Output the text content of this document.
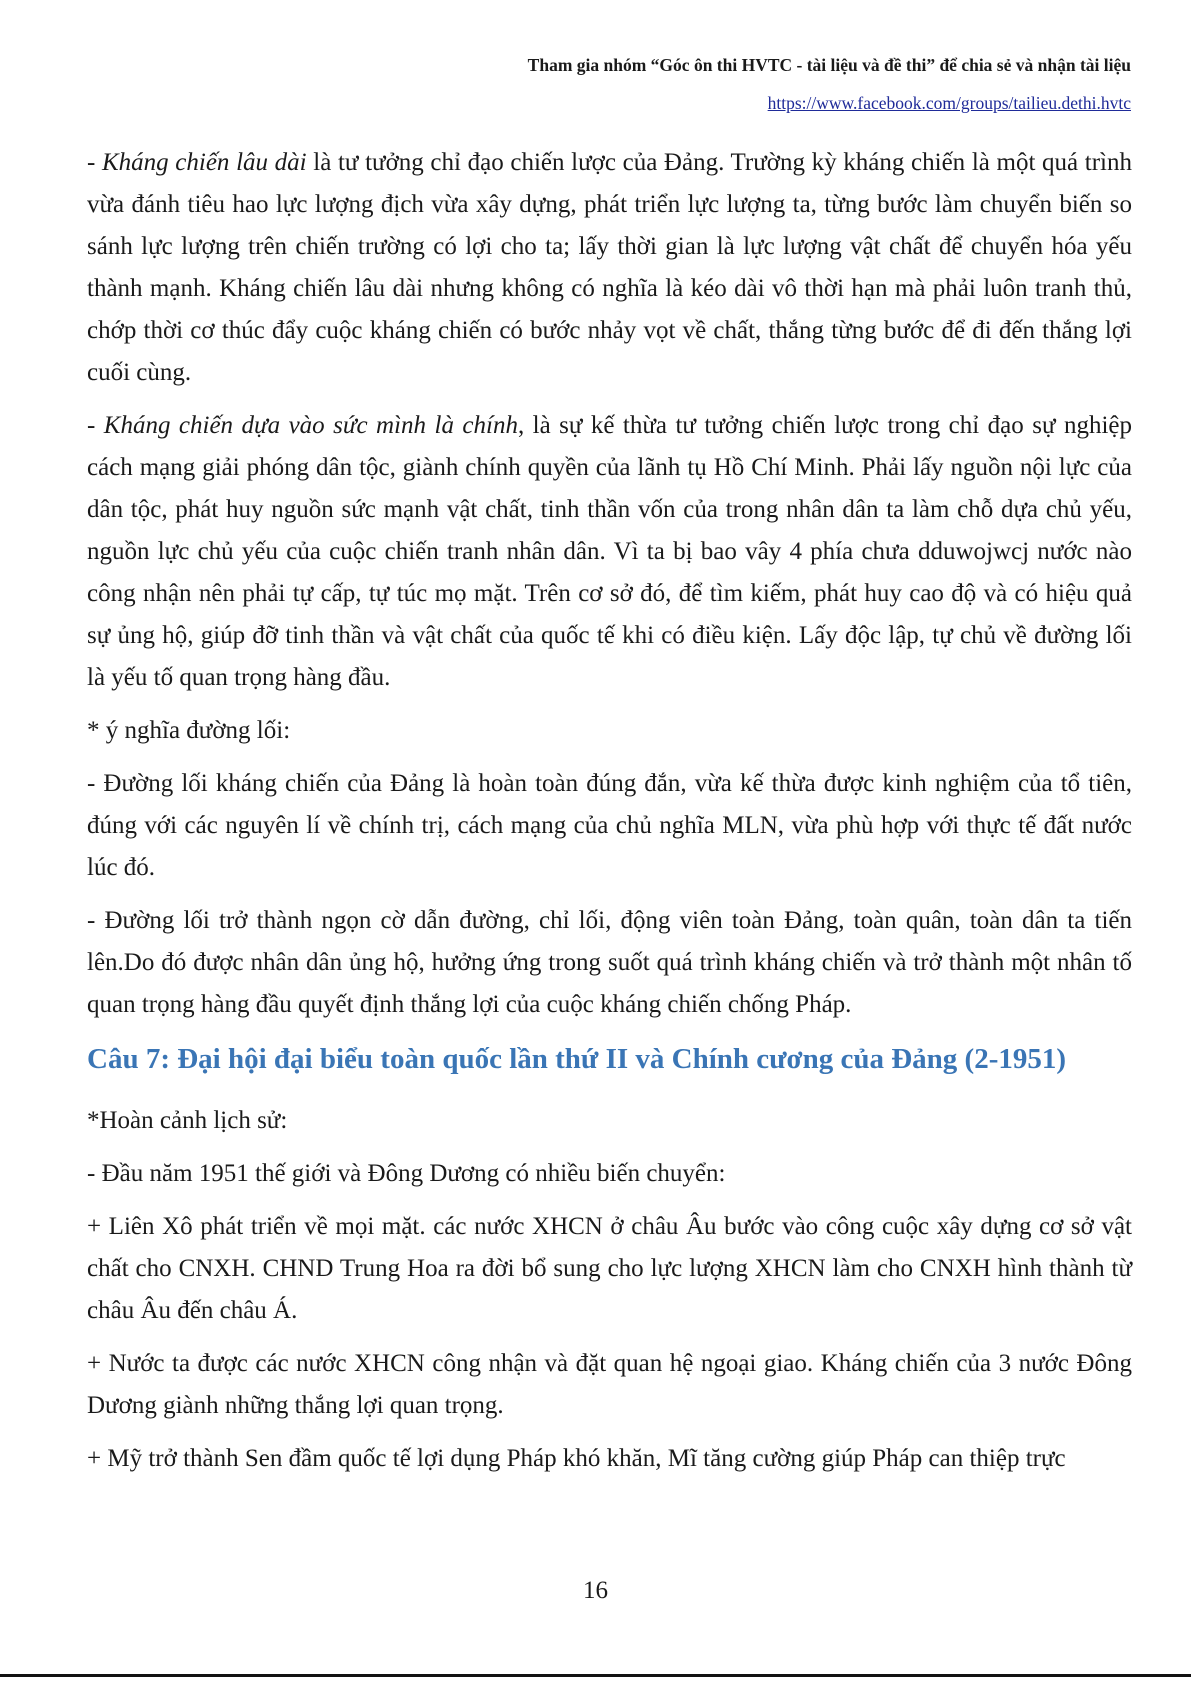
Tham gia nhóm “Góc ôn thi HVTC - tài liệu và đề thi” để chia sẻ và nhận tài liệu
https://www.facebook.com/groups/tailieu.dethi.hvtc

- Kháng chiến lâu dài là tư tưởng chỉ đạo chiến lược của Đảng. Trường kỳ kháng chiến là một quá trình vừa đánh tiêu hao lực lượng địch vừa xây dựng, phát triển lực lượng ta, từng bước làm chuyển biến so sánh lực lượng trên chiến trường có lợi cho ta; lấy thời gian là lực lượng vật chất để chuyển hóa yếu thành mạnh. Kháng chiến lâu dài nhưng không có nghĩa là kéo dài vô thời hạn mà phải luôn tranh thủ, chớp thời cơ thúc đẩy cuộc kháng chiến có bước nhảy vọt về chất, thắng từng bước để đi đến thắng lợi cuối cùng.

- Kháng chiến dựa vào sức mình là chính, là sự kế thừa tư tưởng chiến lược trong chỉ đạo sự nghiệp cách mạng giải phóng dân tộc, giành chính quyền của lãnh tụ Hồ Chí Minh. Phải lấy nguồn nội lực của dân tộc, phát huy nguồn sức mạnh vật chất, tinh thần vốn của trong nhân dân ta làm chỗ dựa chủ yếu, nguồn lực chủ yếu của cuộc chiến tranh nhân dân. Vì ta bị bao vây 4 phía chưa dduwojwcj nước nào công nhận nên phải tự cấp, tự túc mọ mặt. Trên cơ sở đó, để tìm kiếm, phát huy cao độ và có hiệu quả sự ủng hộ, giúp đỡ tinh thần và vật chất của quốc tế khi có điều kiện. Lấy độc lập, tự chủ về đường lối là yếu tố quan trọng hàng đầu.

* ý nghĩa đường lối:

- Đường lối kháng chiến của Đảng là hoàn toàn đúng đắn, vừa kế thừa được kinh nghiệm của tổ tiên, đúng với các nguyên lí về chính trị, cách mạng của chủ nghĩa MLN, vừa phù hợp với thực tế đất nước lúc đó.

- Đường lối trở thành ngọn cờ dẫn đường, chỉ lối, động viên toàn Đảng, toàn quân, toàn dân ta tiến lên.Do đó được nhân dân ủng hộ, hưởng ứng trong suốt quá trình kháng chiến và trở thành một nhân tố quan trọng hàng đầu quyết định thắng lợi của cuộc kháng chiến chống Pháp.

Câu 7: Đại hội đại biểu toàn quốc lần thứ II và Chính cương của Đảng (2-1951)

*Hoàn cảnh lịch sử:

- Đầu năm 1951 thế giới và Đông Dương có nhiều biến chuyển:

+ Liên Xô phát triển về mọi mặt. các nước XHCN ở châu Âu bước vào công cuộc xây dựng cơ sở vật chất cho CNXH. CHND Trung Hoa ra đời bổ sung cho lực lượng XHCN làm cho CNXH hình thành từ châu Âu đến châu Á.

+ Nước ta được các nước XHCN công nhận và đặt quan hệ ngoại giao. Kháng chiến của 3 nước Đông Dương giành những thắng lợi quan trọng.

+ Mỹ trở thành Sen đầm quốc tế lợi dụng Pháp khó khăn, Mĩ tăng cường giúp Pháp can thiệp trực

16
